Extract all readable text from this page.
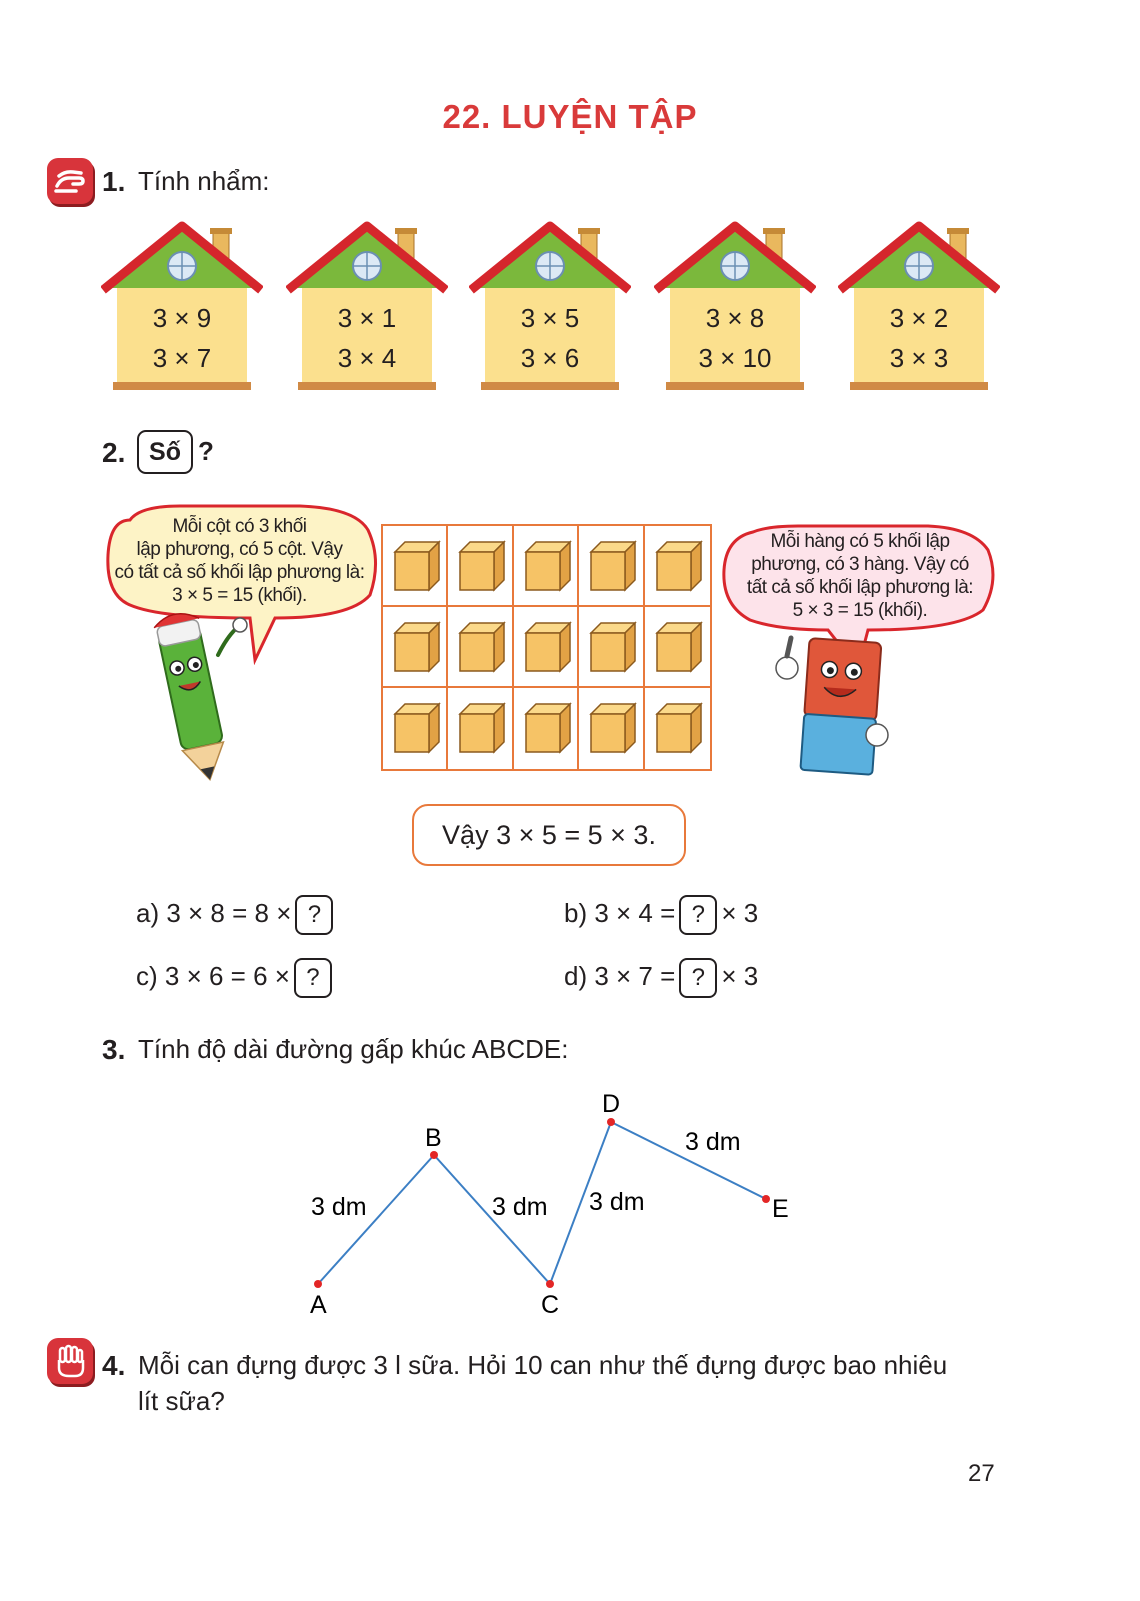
22. LUYỆN TẬP
1. Tính nhẩm:
3 × 9
3 × 7
3 × 1
3 × 4
3 × 5
3 × 6
3 × 8
3 × 10
3 × 2
3 × 3
2. Số ?
Mỗi cột có 3 khối
lập phương, có 5 cột. Vậy
có tất cả số khối lập phương là:
3 × 5 = 15 (khối).
Mỗi hàng có 5 khối lập
phương, có 3 hàng. Vậy có
tất cả số khối lập phương là:
5 × 3 = 15 (khối).
Vậy 3 × 5 = 5 × 3.
a) 3 × 8 = 8 × ?	b) 3 × 4 = ? × 3
c) 3 × 6 = 6 × ?	d) 3 × 7 = ? × 3
3. Tính độ dài đường gấp khúc ABCDE:
A
B
C
D
E
3 dm	3 dm 3 dm
3 dm
4. Mỗi can đựng được 3 l sữa. Hỏi 10 can như thế đựng được bao nhiêu
lít sữa?
27
